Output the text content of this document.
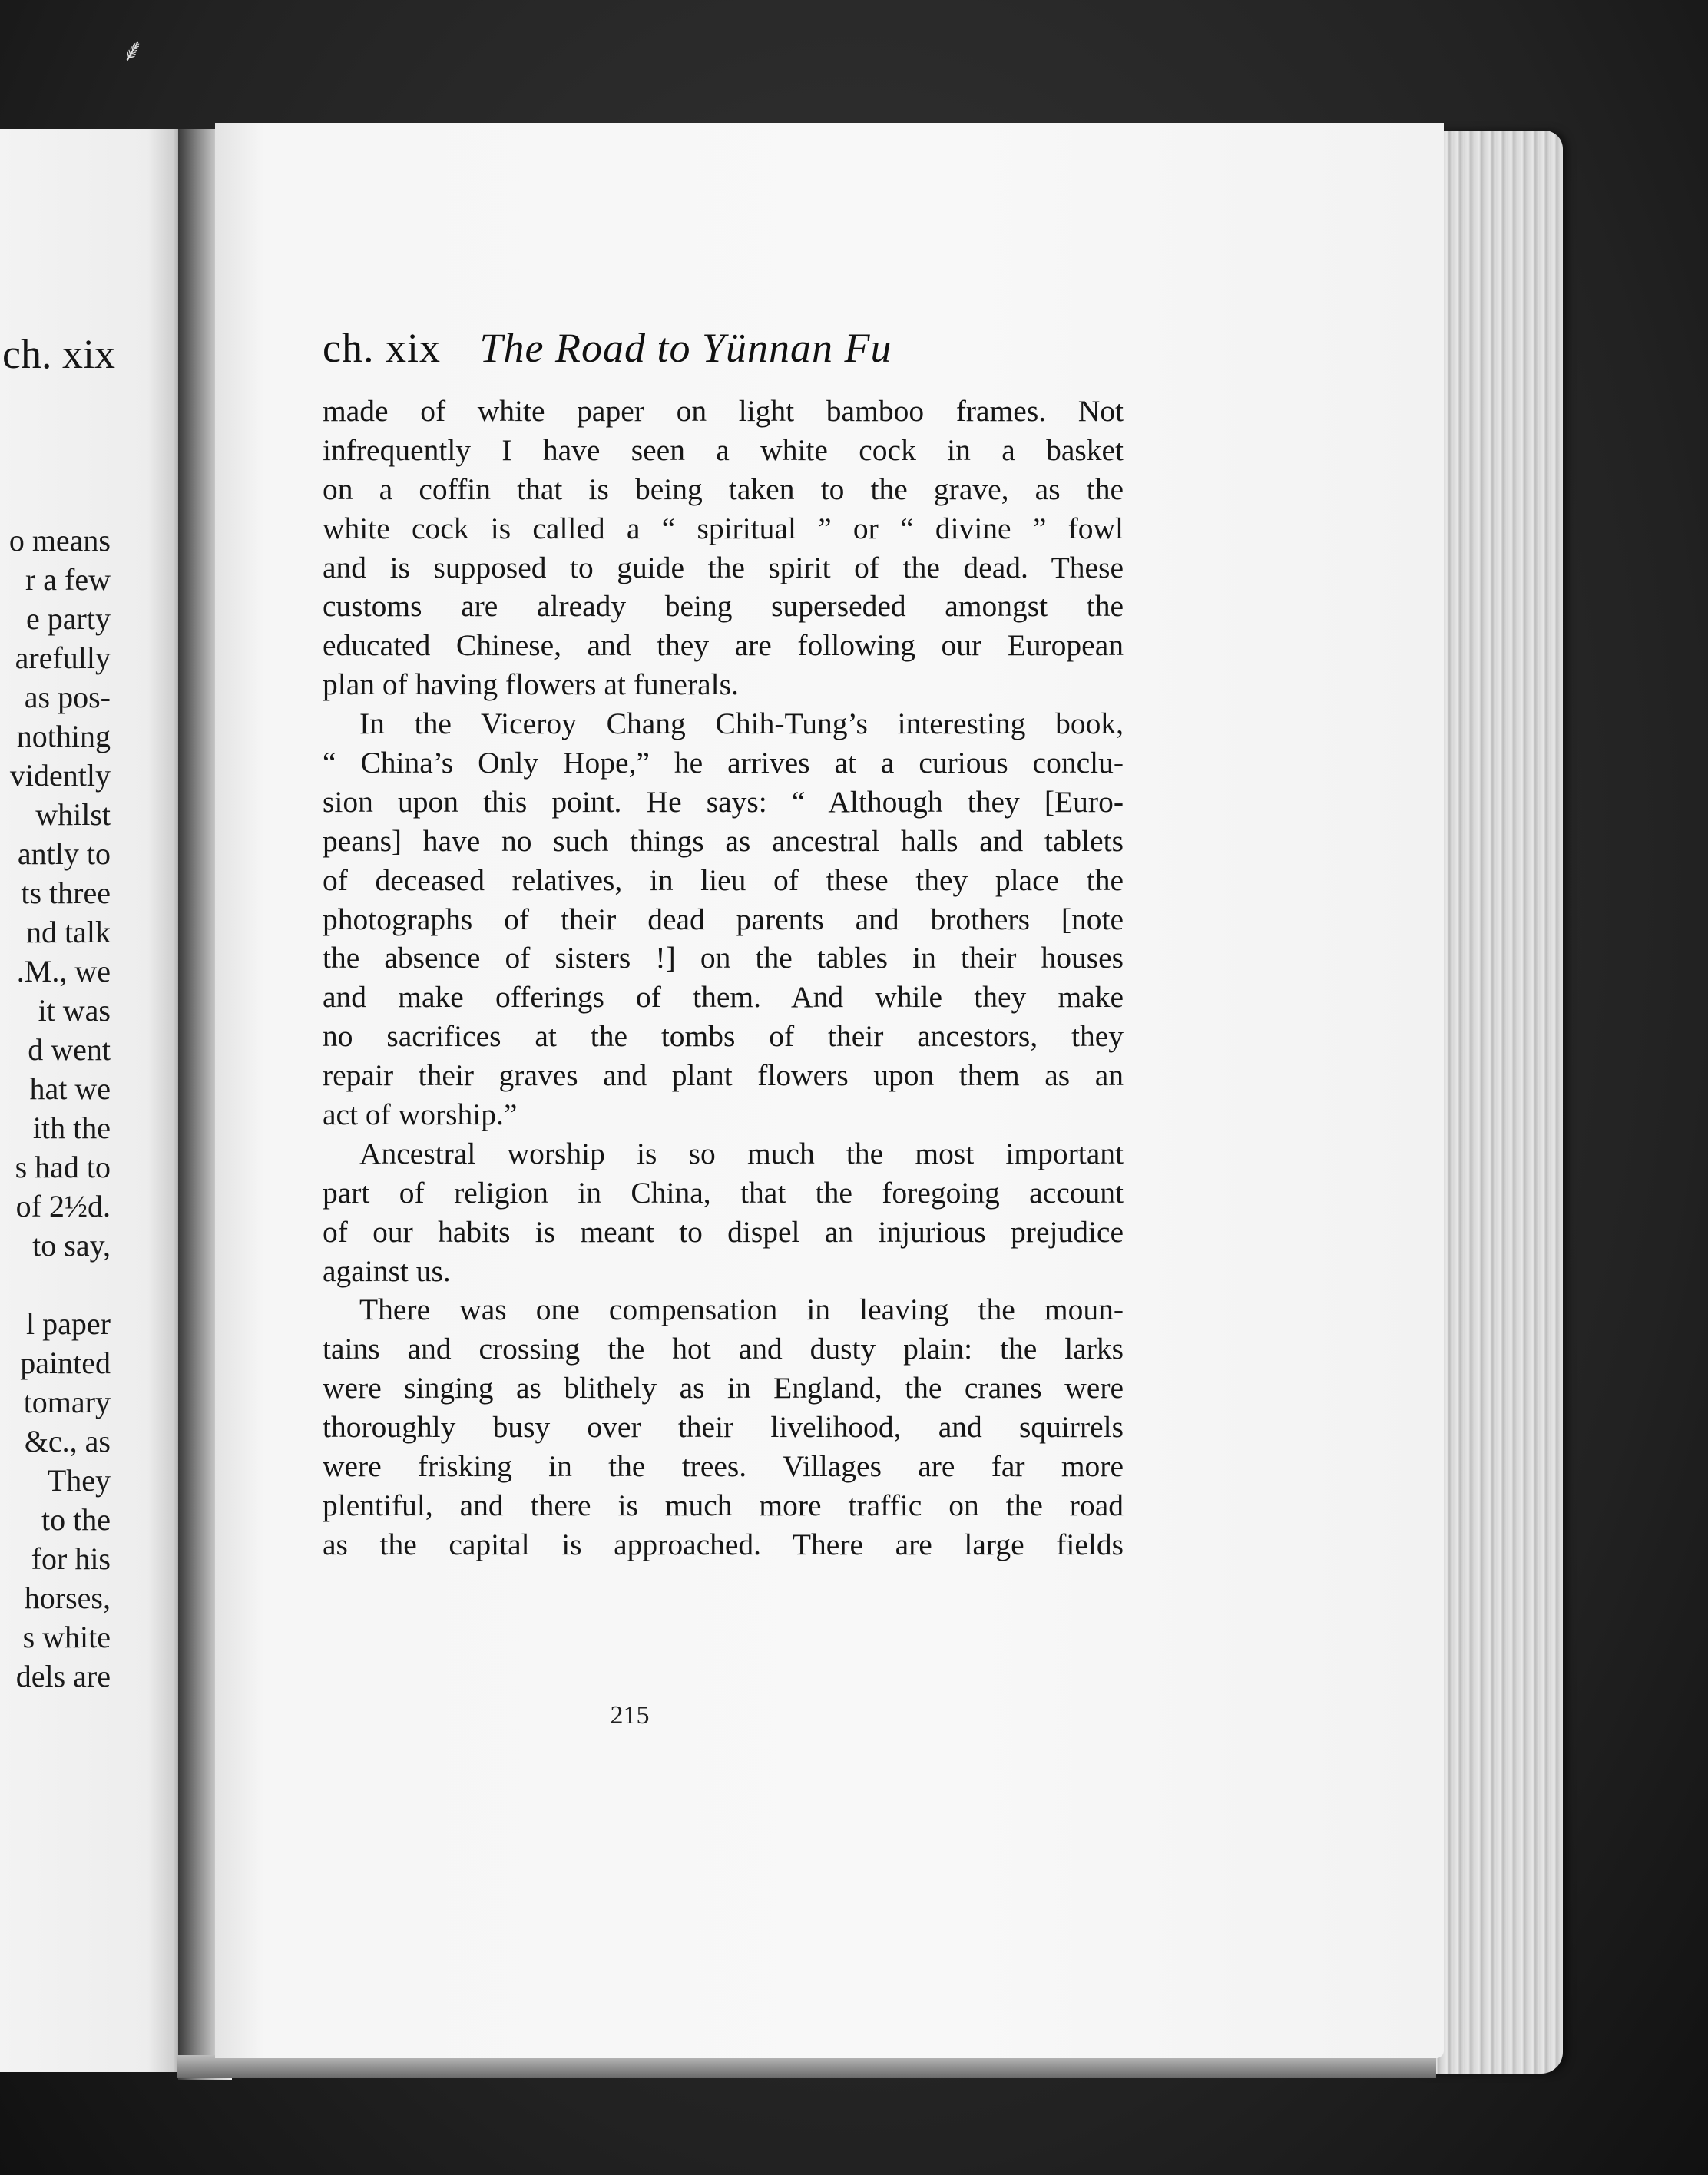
⸙
ch. xix
o means
r a few
e party
arefully
as pos-
nothing
vidently
whilst
antly to
ts three
nd talk
.M., we
it was
d went
hat we
ith the
s had to
of 2½d.
to say,
l paper
painted
tomary
&c., as
They
to the
for his
horses,
s white
dels are
ch. xix The Road to Yünnan Fu
made of white paper on light bamboo frames. Not
infrequently I have seen a white cock in a basket
on a coffin that is being taken to the grave, as the
white cock is called a “ spiritual ” or “ divine ” fowl
and is supposed to guide the spirit of the dead. These
customs are already being superseded amongst the
educated Chinese, and they are following our European
plan of having flowers at funerals.
In the Viceroy Chang Chih-Tung’s interesting book,
“ China’s Only Hope,” he arrives at a curious conclu-
sion upon this point. He says: “ Although they [Euro-
peans] have no such things as ancestral halls and tablets
of deceased relatives, in lieu of these they place the
photographs of their dead parents and brothers [note
the absence of sisters !] on the tables in their houses
and make offerings of them. And while they make
no sacrifices at the tombs of their ancestors, they
repair their graves and plant flowers upon them as an
act of worship.”
Ancestral worship is so much the most important
part of religion in China, that the foregoing account
of our habits is meant to dispel an injurious prejudice
against us.
There was one compensation in leaving the moun-
tains and crossing the hot and dusty plain: the larks
were singing as blithely as in England, the cranes were
thoroughly busy over their livelihood, and squirrels
were frisking in the trees. Villages are far more
plentiful, and there is much more traffic on the road
as the capital is approached. There are large fields
215
